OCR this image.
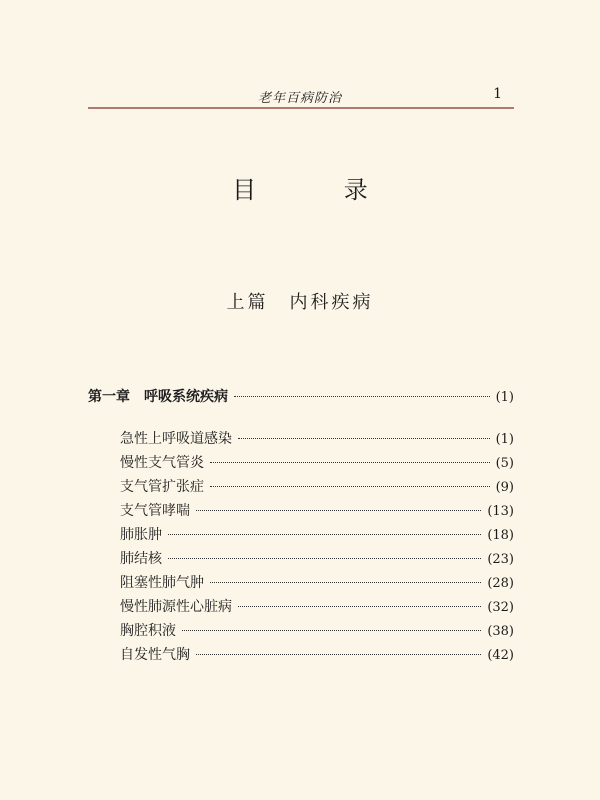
老年百病防治	1
目 录
上篇　内科疾病
第一章　呼吸系统疾病	(1)
急性上呼吸道感染	(1)
慢性支气管炎	(5)
支气管扩张症	(9)
支气管哮喘	(13)
肺胀肿	(18)
肺结核	(23)
阻塞性肺气肿	(28)
慢性肺源性心脏病	(32)
胸腔积液	(38)
自发性气胸	(42)
